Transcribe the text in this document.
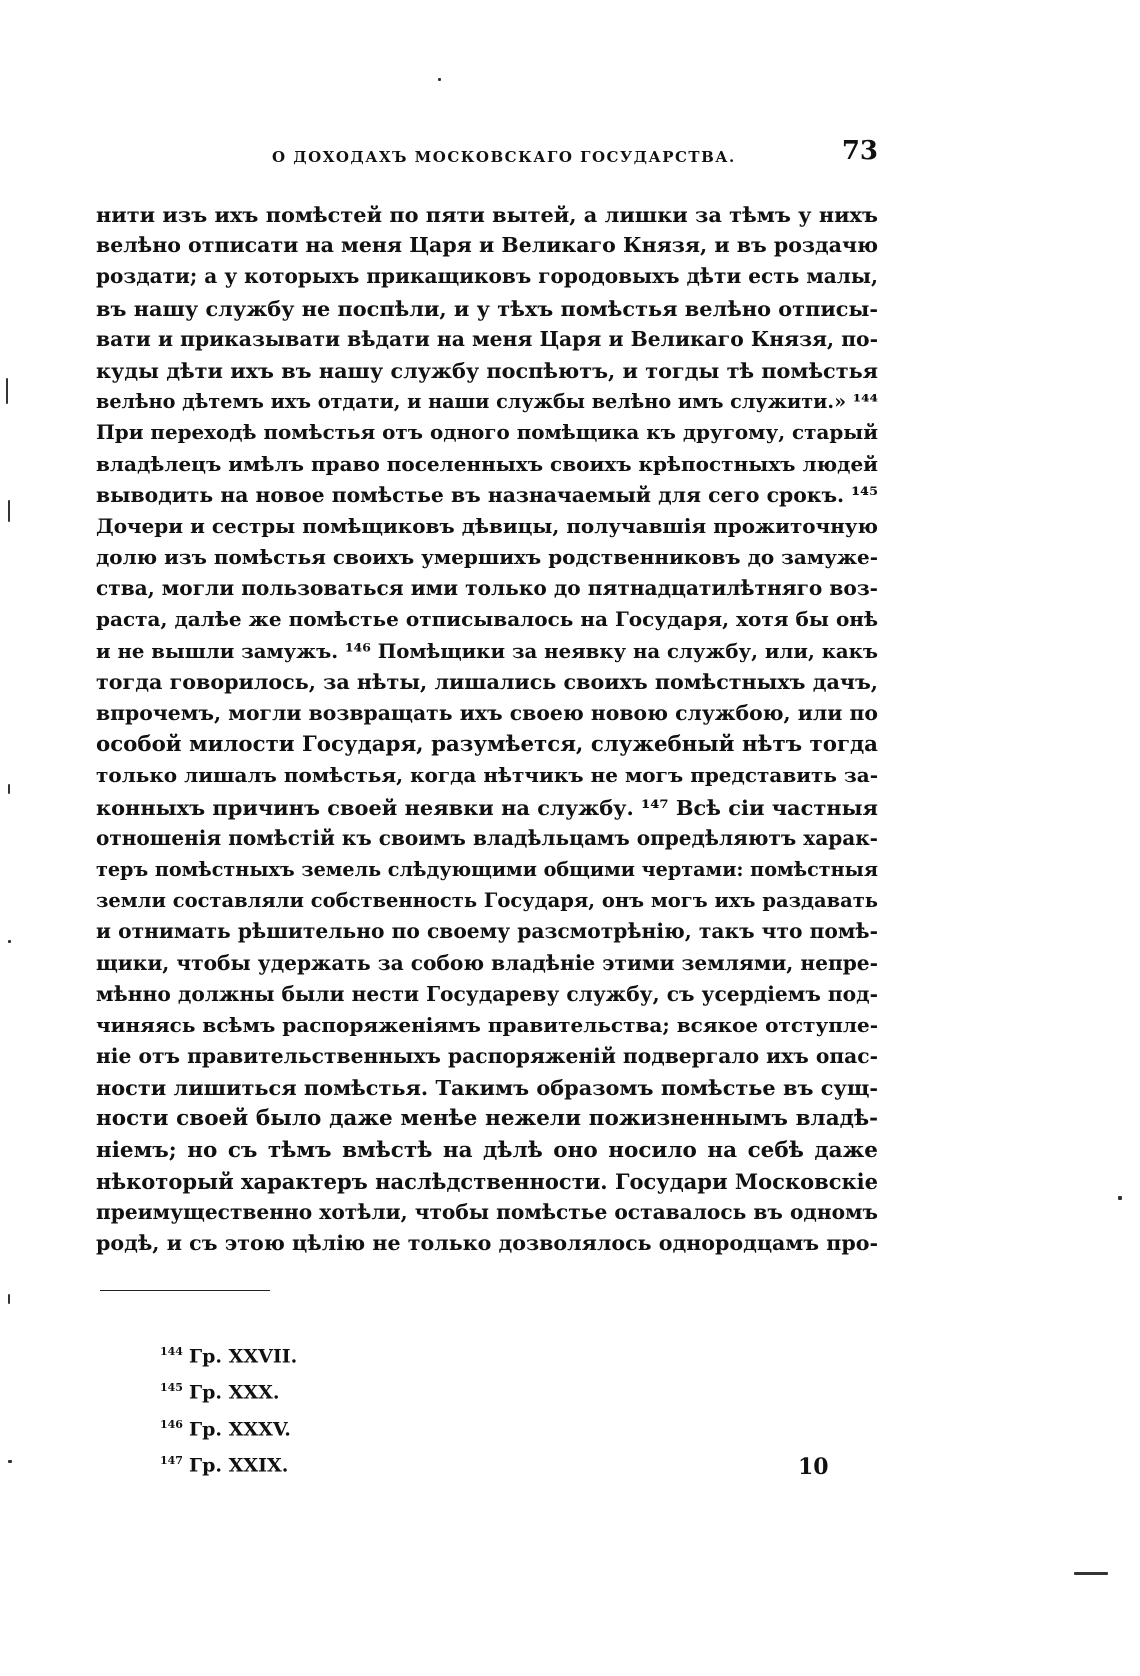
О ДОХОДАХЪ МОСКОВСКАГО ГОСУДАРСТВА.	73
нити изъ ихъ помѣстей по пяти вытей, а лишки за тѣмъ у нихъ
велѣно отписати на меня Царя и Великаго Князя, и въ роздачю
роздати; а у которыхъ прикащиковъ городовыхъ дѣти есть малы,
въ нашу службу не поспѣли, и у тѣхъ помѣстья велѣно отписы-
вати и приказывати вѣдати на меня Царя и Великаго Князя, по-
куды дѣти ихъ въ нашу службу поспѣютъ, и тогды тѣ помѣстья
велѣно дѣтемъ ихъ отдати, и наши службы велѣно имъ служити.» ¹⁴⁴
При переходѣ помѣстья отъ одного помѣщика къ другому, старый
владѣлецъ имѣлъ право поселенныхъ своихъ крѣпостныхъ людей
выводить на новое помѣстье въ назначаемый для сего срокъ. ¹⁴⁵
Дочери и сестры помѣщиковъ дѣвицы, получавшія прожиточную
долю изъ помѣстья своихъ умершихъ родственниковъ до замуже-
ства, могли пользоваться ими только до пятнадцатилѣтняго воз-
раста, далѣе же помѣстье отписывалось на Государя, хотя бы онѣ
и не вышли замужъ. ¹⁴⁶ Помѣщики за неявку на службу, или, какъ
тогда говорилось, за нѣты, лишались своихъ помѣстныхъ дачъ,
впрочемъ, могли возвращать ихъ своею новою службою, или по
особой милости Государя, разумѣется, служебный нѣтъ тогда
только лишалъ помѣстья, когда нѣтчикъ не могъ представить за-
конныхъ причинъ своей неявки на службу. ¹⁴⁷ Всѣ сіи частныя
отношенія помѣстій къ своимъ владѣльцамъ опредѣляютъ харак-
теръ помѣстныхъ земель слѣдующими общими чертами: помѣстныя
земли составляли собственность Государя, онъ могъ ихъ раздавать
и отнимать рѣшительно по своему разсмотрѣнію, такъ что помѣ-
щики, чтобы удержать за собою владѣніе этими землями, непре-
мѣнно должны были нести Государеву службу, съ усердіемъ под-
чиняясь всѣмъ распоряженіямъ правительства; всякое отступле-
ніе отъ правительственныхъ распоряженій подвергало ихъ опас-
ности лишиться помѣстья. Такимъ образомъ помѣстье въ сущ-
ности своей было даже менѣе нежели пожизненнымъ владѣ-
ніемъ; но съ тѣмъ вмѣстѣ на дѣлѣ оно носило на себѣ даже
нѣкоторый характеръ наслѣдственности. Государи Московскіе
преимущественно хотѣли, чтобы помѣстье оставалось въ одномъ
родѣ, и съ этою цѣлію не только дозволялось однородцамъ про-
$^{144}$ Гр. XXVII.
$^{145}$ Гр. XXX.
$^{146}$ Гр. XXXV.
$^{147}$ Гр. XXIX.	10
